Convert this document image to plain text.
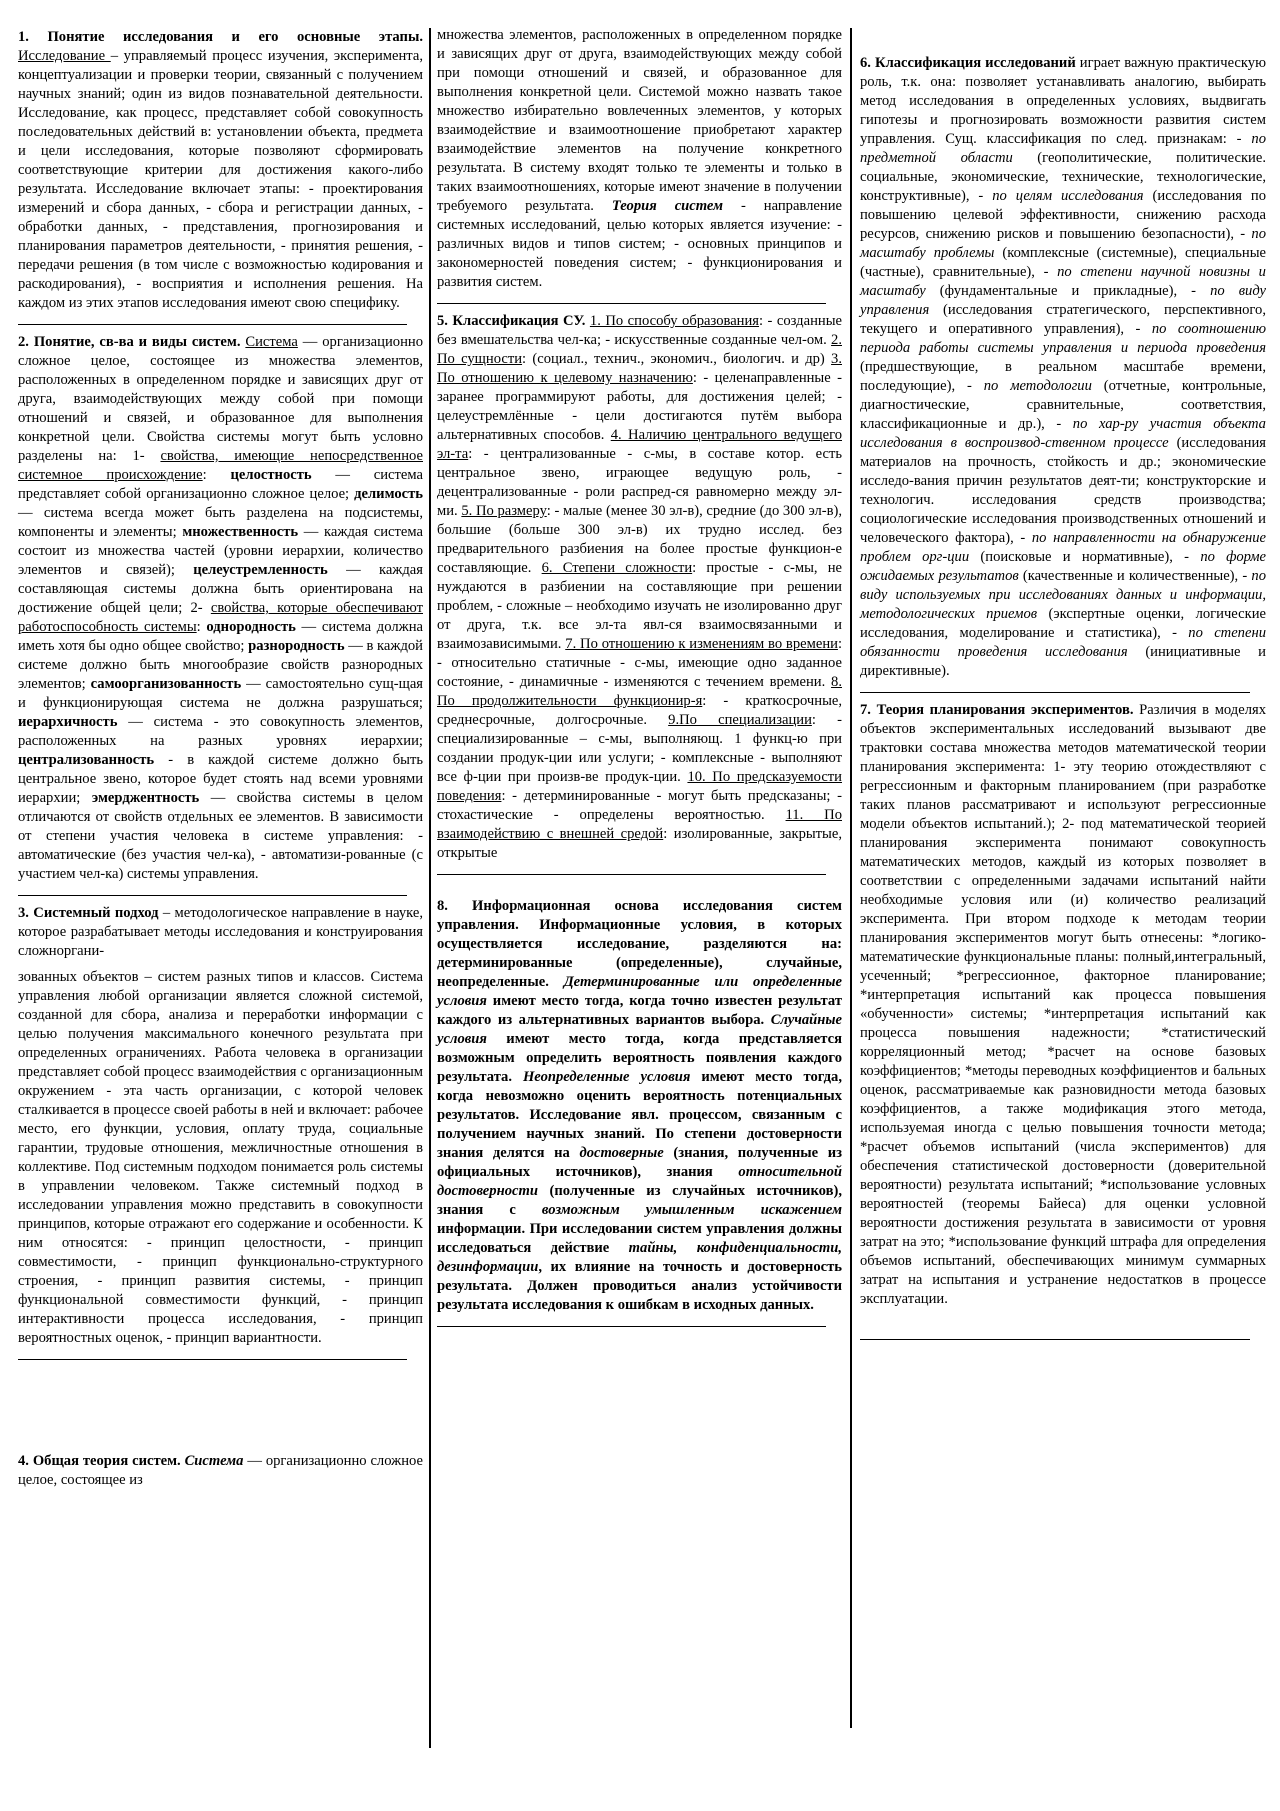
1. Понятие исследования и его основные этапы. Исследование – управляемый процесс изучения, эксперимента, концептуализации и проверки теории, связанный с получением научных знаний; один из видов познавательной деятельности. Исследование, как процесс, представляет собой совокупность последовательных действий в: установлении объекта, предмета и цели исследования, которые позволяют сформировать соответствующие критерии для достижения какого-либо результата. Исследование включает этапы: - проектирования измерений и сбора данных, - сбора и регистрации данных, - обработки данных, - представления, прогнозирования и планирования параметров деятельности, - принятия решения, - передачи решения (в том числе с возможностью кодирования и раскодирования), - восприятия и исполнения решения. На каждом из этих этапов исследования имеют свою специфику.

2. Понятие, св-ва и виды систем. Система — организационно сложное целое, состоящее из множества элементов, расположенных в определенном порядке и зависящих друг от друга, взаимодействующих между собой при помощи отношений и связей, и образованное для выполнения конкретной цели. Свойства системы могут быть условно разделены на: 1- свойства, имеющие непосредственное системное происхождение: целостность — система представляет собой организационно сложное целое; делимость — система всегда может быть разделена на подсистемы, компоненты и элементы; множественность — каждая система состоит из множества частей (уровни иерархии, количество элементов и связей); целеустремленность — каждая составляющая системы должна быть ориентирована на достижение общей цели; 2- свойства, которые обеспечивают работоспособность системы: однородность — система должна иметь хотя бы одно общее свойство; разнородность — в каждой системе должно быть многообразие свойств разнородных элементов; самоорганизованность — самостоятельно сущ-щая и функционирующая система не должна разрушаться; иерархичность — система - это совокупность элементов, расположенных на разных уровнях иерархии; централизованность - в каждой системе должно быть центральное звено, которое будет стоять над всеми уровнями иерархии; эмерджентность — свойства системы в целом отличаются от свойств отдельных ее элементов. В зависимости от степени участия человека в системе управления: - автоматические (без участия чел-ка), - автоматизи-рованные (с участием чел-ка) системы управления.

3. Системный подход – методологическое направление в науке, которое разрабатывает методы исследования и конструирования сложноргани-

зованных объектов – систем разных типов и классов. Система управления любой организации является сложной системой, созданной для сбора, анализа и переработки информации с целью получения максимального конечного результата при определенных ограничениях. Работа человека в организации представляет собой процесс взаимодействия с организационным окружением - эта часть организации, с которой человек сталкивается в процессе своей работы в ней и включает: рабочее место, его функции, условия, оплату труда, социальные гарантии, трудовые отношения, межличностные отношения в коллективе. Под системным подходом понимается роль системы в управлении человеком. Также системный подход в исследовании управления можно представить в совокупности принципов, которые отражают его содержание и особенности. К ним относятся: - принцип целостности, - принцип совместимости, - принцип функционально-структурного строения, - принцип развития системы, - принцип функциональной совместимости функций, - принцип интерактивности процесса исследования, - принцип вероятностных оценок, - принцип вариантности.

4. Общая теория систем. Система — организационно сложное целое, состоящее из

множества элементов, расположенных в определенном порядке и зависящих друг от друга, взаимодействующих между собой при помощи отношений и связей, и образованное для выполнения конкретной цели. Системой можно назвать такое множество избирательно вовлеченных элементов, у которых взаимодействие и взаимоотношение приобретают характер взаимодействие элементов на получение конкретного результата. В систему входят только те элементы и только в таких взаимоотношениях, которые имеют значение в получении требуемого результата. Теория систем - направление системных исследований, целью которых является изучение: - различных видов и типов систем; - основных принципов и закономерностей поведения систем; - функционирования и развития систем.

5. Классификация СУ. 1. По способу образования: - созданные без вмешательства чел-ка; - искусственные созданные чел-ом. 2. По сущности: (социал., технич., экономич., биологич. и др) 3. По отношению к целевому назначению: - целенаправленные - заранее программируют работы, для достижения целей; - целеустремлённые - цели достигаются путём выбора альтернативных способов. 4. Наличию центрального ведущего эл-та: - централизованные - с-мы, в составе котор. есть центральное звено, играющее ведущую роль, - децентрализованные - роли распред-ся равномерно между эл-ми. 5. По размеру: - малые (менее 30 эл-в), средние (до 300 эл-в), большие (больше 300 эл-в) их трудно исслед. без предварительного разбиения на более простые функцион-е составляющие. 6. Степени сложности: простые - с-мы, не нуждаются в разбиении на составляющие при решении проблем, - сложные – необходимо изучать не изолированно друг от друга, т.к. все эл-та явл-ся взаимосвязанными и взаимозависимыми. 7. По отношению к изменениям во времени: - относительно статичные - с-мы, имеющие одно заданное состояние, - динамичные - изменяются с течением времени. 8. По продолжительности функционир-я: - краткосрочные, среднесрочные, долгосрочные. 9.По специализации: - специализированные – с-мы, выполняющ. 1 функц-ю при создании продук-ции или услуги; - комплексные - выполняют все ф-ции при произв-ве продук-ции. 10. По предсказуемости поведения: - детерминированные - могут быть предсказаны; - стохастические - определены вероятностью. 11. По взаимодействию с внешней средой: изолированные, закрытые, открытые

8. Информационная основа исследования систем управления. Информационные условия, в которых осуществляется исследование, разделяются на: детерминированные (определенные), случайные, неопределенные. Детерминированные или определенные условия имеют место тогда, когда точно известен результат каждого из альтернативных вариантов выбора. Случайные условия имеют место тогда, когда представляется возможным определить вероятность появления каждого результата. Неопределенные условия имеют место тогда, когда невозможно оценить вероятность потенциальных результатов. Исследование явл. процессом, связанным с получением научных знаний. По степени достоверности знания делятся на достоверные (знания, полученные из официальных источников), знания относительной достоверности (полученные из случайных источников), знания с возможным умышленным искажением информации. При исследовании систем управления должны исследоваться действие тайны, конфиденциальности, дезинформации, их влияние на точность и достоверность результата. Должен проводиться анализ устойчивости результата исследования к ошибкам в исходных данных.

6. Классификация исследований играет важную практическую роль, т.к. она: позволяет устанавливать аналогию, выбирать метод исследования в определенных условиях, выдвигать гипотезы и прогнозировать возможности развития систем управления. Сущ. классификация по след. признакам: - по предметной области (геополитические, политические. социальные, экономические, технические, технологические, конструктивные), - по целям исследования (исследования по повышению целевой эффективности, снижению расхода ресурсов, снижению рисков и повышению безопасности), - по масштабу проблемы (комплексные (системные), специальные (частные), сравнительные), - по степени научной новизны и масштабу (фундаментальные и прикладные), - по виду управления (исследования стратегического, перспективного, текущего и оперативного управления), - по соотношению периода работы системы управления и периода проведения (предшествующие, в реальном масштабе времени, последующие), - по методологии (отчетные, контрольные, диагностические, сравнительные, соответствия, классификационные и др.), - по хар-ру участия объекта исследования в воспроизвод-ственном процессе (исследования материалов на прочность, стойкость и др.; экономические исследо-вания причин результатов деят-ти; конструкторские и технологич. исследования средств производства; социологические исследования производственных отношений и человеческого фактора), - по направленности на обнаружение проблем орг-ции (поисковые и нормативные), - по форме ожидаемых результатов (качественные и количественные), - по виду используемых при исследованиях данных и информации, методологических приемов (экспертные оценки, логические исследования, моделирование и статистика), - по степени обязанности проведения исследования (инициативные и директивные).

7. Теория планирования экспериментов. Различия в моделях объектов экспериментальных исследований вызывают две трактовки состава множества методов математической теории планирования эксперимента: 1- эту теорию отождествляют с регрессионным и факторным планированием (при разработке таких планов рассматривают и используют регрессионные модели объектов испытаний.); 2- под математической теорией планирования эксперимента понимают совокупность математических методов, каждый из которых позволяет в соответствии с определенными задачами испытаний найти необходимые условия или (и) количество реализаций эксперимента. При втором подходе к методам теории планирования экспериментов могут быть отнесены: *логико-математические функциональные планы: полный,интегральный, усеченный; *регрессионное, факторное планирование; *интерпретация испытаний как процесса повышения «обученности» системы; *интерпретация испытаний как процесса повышения надежности; *статистический корреляционный метод; *расчет на основе базовых коэффициентов; *методы переводных коэффициентов и бальных оценок, рассматриваемые как разновидности метода базовых коэффициентов, а также модификация этого метода, используемая иногда с целью повышения точности метода; *расчет объемов испытаний (числа экспериментов) для обеспечения статистической достоверности (доверительной вероятности) результата испытаний; *использование условных вероятностей (теоремы Байеса) для оценки условной вероятности достижения результата в зависимости от уровня затрат на это; *использование функций штрафа для определения объемов испытаний, обеспечивающих минимум суммарных затрат на испытания и устранение недостатков в процессе эксплуатации.
